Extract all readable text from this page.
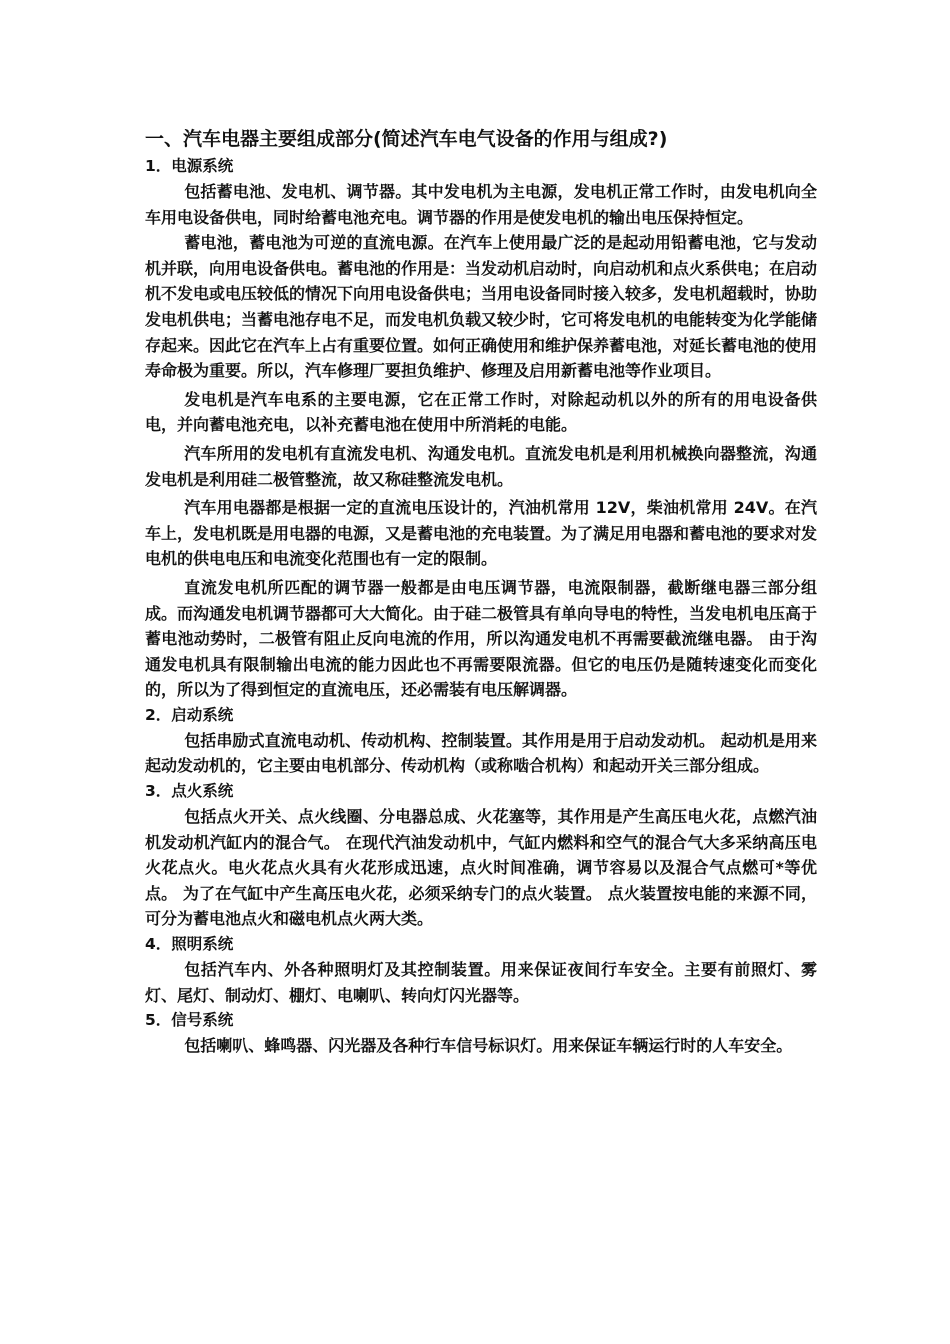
一、汽车电器主要组成部分(简述汽车电气设备的作用与组成?)
1．电源系统

包括蓄电池、发电机、调节器。其中发电机为主电源，发电机正常工作时，由发电机向全车用电设备供电，同时给蓄电池充电。调节器的作用是使发电机的输出电压保持恒定。

蓄电池，蓄电池为可逆的直流电源。在汽车上使用最广泛的是起动用铅蓄电池，它与发动机并联，向用电设备供电。蓄电池的作用是：当发动机启动时，向启动机和点火系供电；在启动机不发电或电压较低的情况下向用电设备供电；当用电设备同时接入较多，发电机超载时，协助发电机供电；当蓄电池存电不足，而发电机负载又较少时，它可将发电机的电能转变为化学能储存起来。因此它在汽车上占有重要位置。如何正确使用和维护保养蓄电池，对延长蓄电池的使用寿命极为重要。所以，汽车修理厂要担负维护、修理及启用新蓄电池等作业项目。

发电机是汽车电系的主要电源，它在正常工作时，对除起动机以外的所有的用电设备供电，并向蓄电池充电，以补充蓄电池在使用中所消耗的电能。

汽车所用的发电机有直流发电机、沟通发电机。直流发电机是利用机械换向器整流，沟通发电机是利用硅二极管整流，故又称硅整流发电机。

汽车用电器都是根据一定的直流电压设计的，汽油机常用 12V，柴油机常用 24V。在汽车上，发电机既是用电器的电源，又是蓄电池的充电装置。为了满足用电器和蓄电池的要求对发电机的供电电压和电流变化范围也有一定的限制。

直流发电机所匹配的调节器一般都是由电压调节器，电流限制器，截断继电器三部分组成。而沟通发电机调节器都可大大简化。由于硅二极管具有单向导电的特性，当发电机电压高于蓄电池动势时，二极管有阻止反向电流的作用，所以沟通发电机不再需要截流继电器。 由于沟通发电机具有限制输出电流的能力因此也不再需要限流器。但它的电压仍是随转速变化而变化的，所以为了得到恒定的直流电压，还必需装有电压解调器。

2．启动系统

包括串励式直流电动机、传动机构、控制装置。其作用是用于启动发动机。 起动机是用来起动发动机的，它主要由电机部分、传动机构（或称啮合机构）和起动开关三部分组成。

3．点火系统

包括点火开关、点火线圈、分电器总成、火花塞等，其作用是产生高压电火花，点燃汽油机发动机汽缸内的混合气。 在现代汽油发动机中，气缸内燃料和空气的混合气大多采纳高压电火花点火。电火花点火具有火花形成迅速，点火时间准确，调节容易以及混合气点燃可*等优点。 为了在气缸中产生高压电火花，必须采纳专门的点火装置。 点火装置按电能的来源不同，可分为蓄电池点火和磁电机点火两大类。

4．照明系统

包括汽车内、外各种照明灯及其控制装置。用来保证夜间行车安全。主要有前照灯、雾灯、尾灯、制动灯、棚灯、电喇叭、转向灯闪光器等。

5．信号系统

包括喇叭、蜂鸣器、闪光器及各种行车信号标识灯。用来保证车辆运行时的人车安全。
